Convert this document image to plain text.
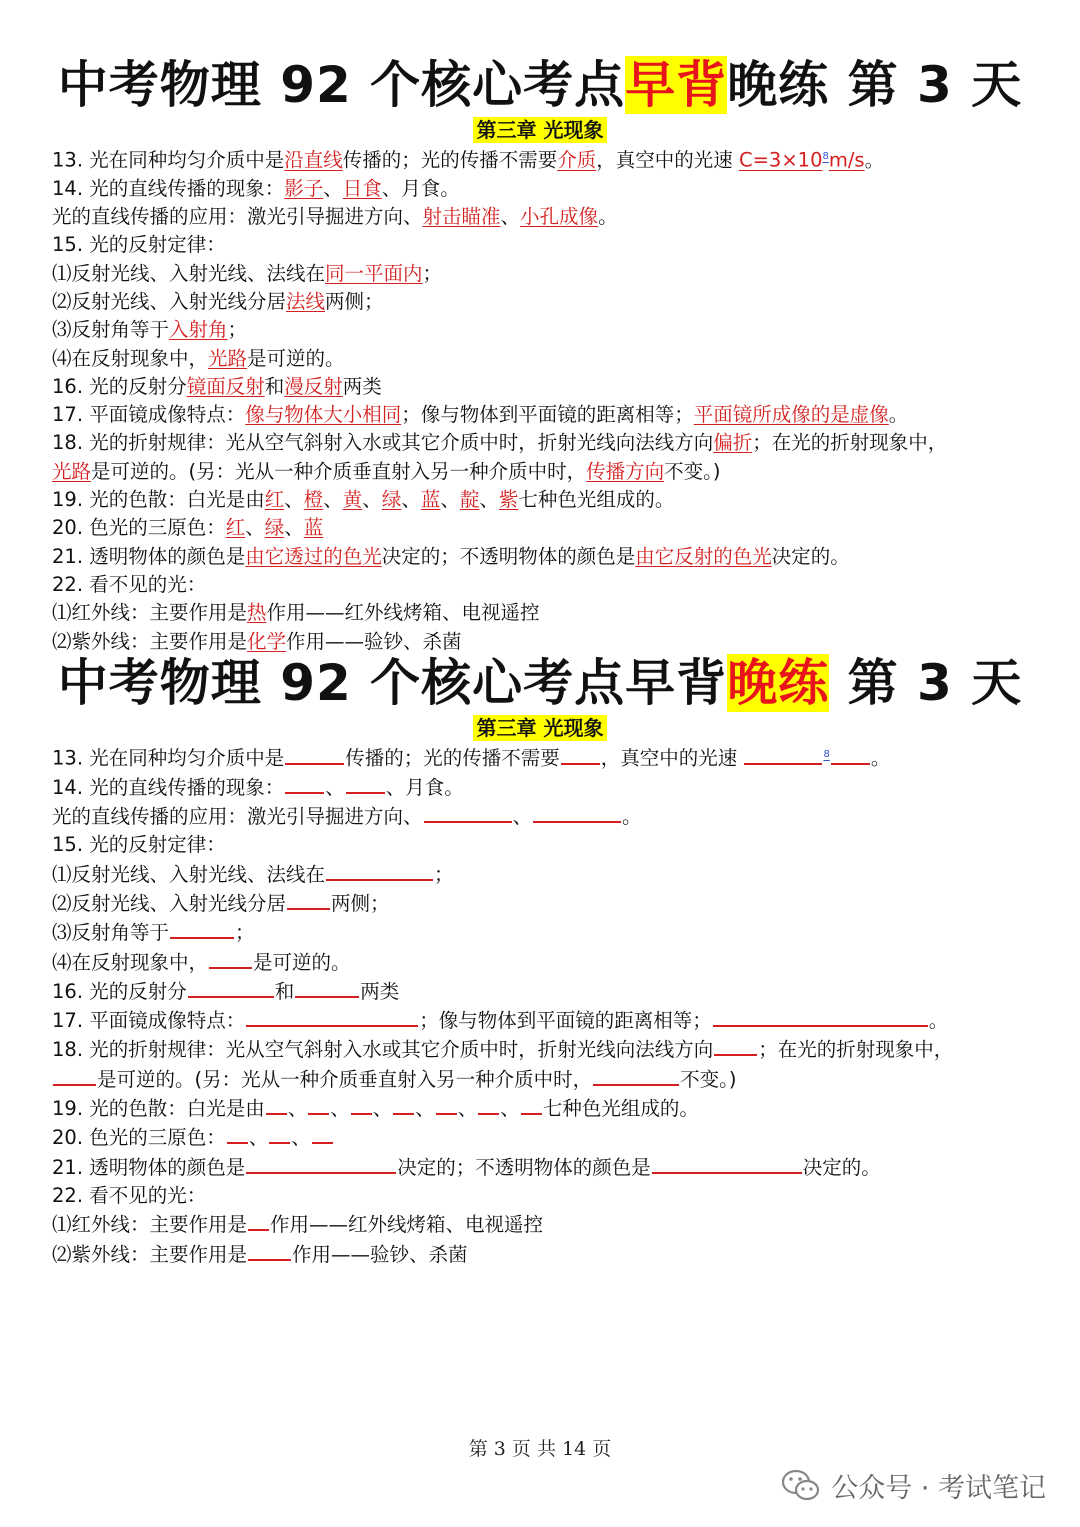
中考物理 92 个核心考点早背晚练 第 3 天
第三章 光现象
13. 光在同种均匀介质中是沿直线传播的；光的传播不需要介质，真空中的光速 $C=3\times 10^8m/s$。
14. 光的直线传播的现象：影子、日食、月食。
光的直线传播的应用：激光引导掘进方向、射击瞄准、小孔成像。
15. 光的反射定律：
⑴反射光线、入射光线、法线在同一平面内；
⑵反射光线、入射光线分居法线两侧；
⑶反射角等于入射角；
⑷在反射现象中，光路是可逆的。
16. 光的反射分镜面反射和漫反射两类
17. 平面镜成像特点：像与物体大小相同；像与物体到平面镜的距离相等；平面镜所成像的是虚像。
18. 光的折射规律：光从空气斜射入水或其它介质中时，折射光线向法线方向偏折；在光的折射现象中，
光路是可逆的。(另：光从一种介质垂直射入另一种介质中时，传播方向不变。)
19. 光的色散：白光是由红、橙、黄、绿、蓝、靛、紫七种色光组成的。
20. 色光的三原色：红、绿、蓝
21. 透明物体的颜色是由它透过的色光决定的；不透明物体的颜色是由它反射的色光决定的。
22. 看不见的光：
⑴红外线：主要作用是热作用——红外线烤箱、电视遥控
⑵紫外线：主要作用是化学作用——验钞、杀菌
中考物理 92 个核心考点早背晚练 第 3 天
第三章 光现象
13. 光在同种均匀介质中是	传播的；光的传播不需要 ，真空中的光速	$^8$ 。
14. 光的直线传播的现象： 、 、月食。
光的直线传播的应用：激光引导掘进方向、	、	。
15. 光的反射定律：
⑴反射光线、入射光线、法线在	；
⑵反射光线、入射光线分居 两侧；
⑶反射角等于	；
⑷在反射现象中， 是可逆的。
16. 光的反射分	和	两类
17. 平面镜成像特点：	；像与物体到平面镜的距离相等；	。
18. 光的折射规律：光从空气斜射入水或其它介质中时，折射光线向法线方向 ；在光的折射现象中，
是可逆的。(另：光从一种介质垂直射入另一种介质中时，	不变。)
19. 光的色散：白光是由 、 、 、 、 、 、 七种色光组成的。
20. 色光的三原色： 、 、
21. 透明物体的颜色是	决定的；不透明物体的颜色是	决定的。
22. 看不见的光：
⑴红外线：主要作用是 作用——红外线烤箱、电视遥控
⑵紫外线：主要作用是 作用——验钞、杀菌
第 3 页 共 14 页
公众号 · 考试笔记
